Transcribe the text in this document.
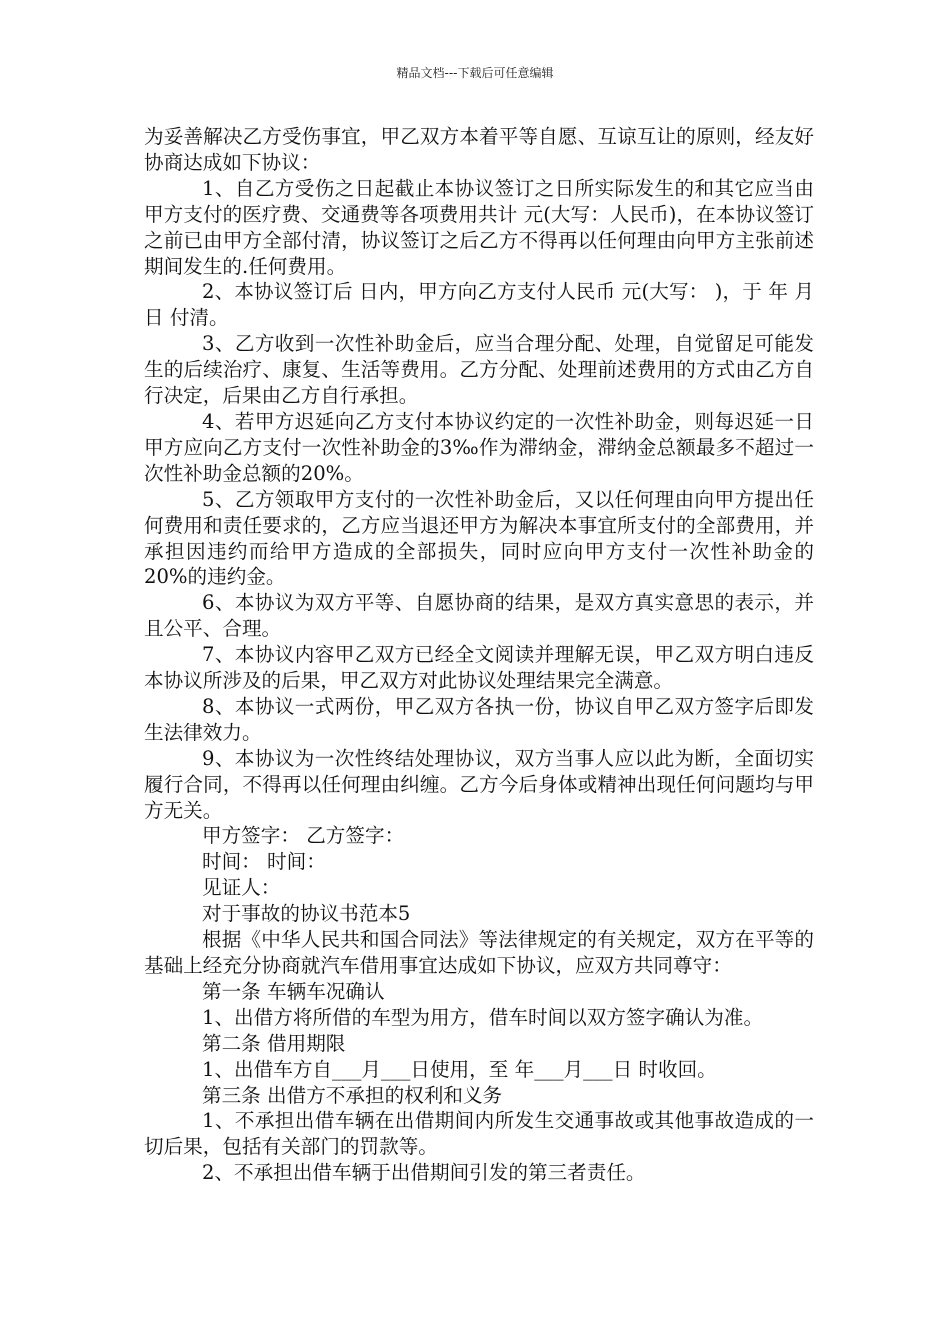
精品文档---下载后可任意编辑

为妥善解决乙方受伤事宜，甲乙双方本着平等自愿、互谅互让的原则，经友好协商达成如下协议：

1、自乙方受伤之日起截止本协议签订之日所实际发生的和其它应当由甲方支付的医疗费、交通费等各项费用共计 元(大写：人民币)，在本协议签订之前已由甲方全部付清，协议签订之后乙方不得再以任何理由向甲方主张前述期间发生的.任何费用。

2、本协议签订后 日内，甲方向乙方支付人民币 元(大写： )，于 年 月 日 付清。

3、乙方收到一次性补助金后，应当合理分配、处理，自觉留足可能发生的后续治疗、康复、生活等费用。乙方分配、处理前述费用的方式由乙方自行决定，后果由乙方自行承担。

4、若甲方迟延向乙方支付本协议约定的一次性补助金，则每迟延一日甲方应向乙方支付一次性补助金的3‰作为滞纳金，滞纳金总额最多不超过一次性补助金总额的20%。

5、乙方领取甲方支付的一次性补助金后，又以任何理由向甲方提出任何费用和责任要求的，乙方应当退还甲方为解决本事宜所支付的全部费用，并承担因违约而给甲方造成的全部损失，同时应向甲方支付一次性补助金的20%的违约金。

6、本协议为双方平等、自愿协商的结果，是双方真实意思的表示，并且公平、合理。

7、本协议内容甲乙双方已经全文阅读并理解无误，甲乙双方明白违反本协议所涉及的后果，甲乙双方对此协议处理结果完全满意。

8、本协议一式两份，甲乙双方各执一份，协议自甲乙双方签字后即发生法律效力。

9、本协议为一次性终结处理协议，双方当事人应以此为断，全面切实履行合同，不得再以任何理由纠缠。乙方今后身体或精神出现任何问题均与甲方无关。

甲方签字： 乙方签字：

时间： 时间：

见证人：

对于事故的协议书范本5

根据《中华人民共和国合同法》等法律规定的有关规定，双方在平等的基础上经充分协商就汽车借用事宜达成如下协议，应双方共同尊守：

第一条 车辆车况确认

1、出借方将所借的车型为用方，借车时间以双方签字确认为准。

第二条 借用期限

1、出借车方自___月___日使用，至 年___月___日 时收回。

第三条 出借方不承担的权利和义务

1、不承担出借车辆在出借期间内所发生交通事故或其他事故造成的一切后果，包括有关部门的罚款等。

2、不承担出借车辆于出借期间引发的第三者责任。
